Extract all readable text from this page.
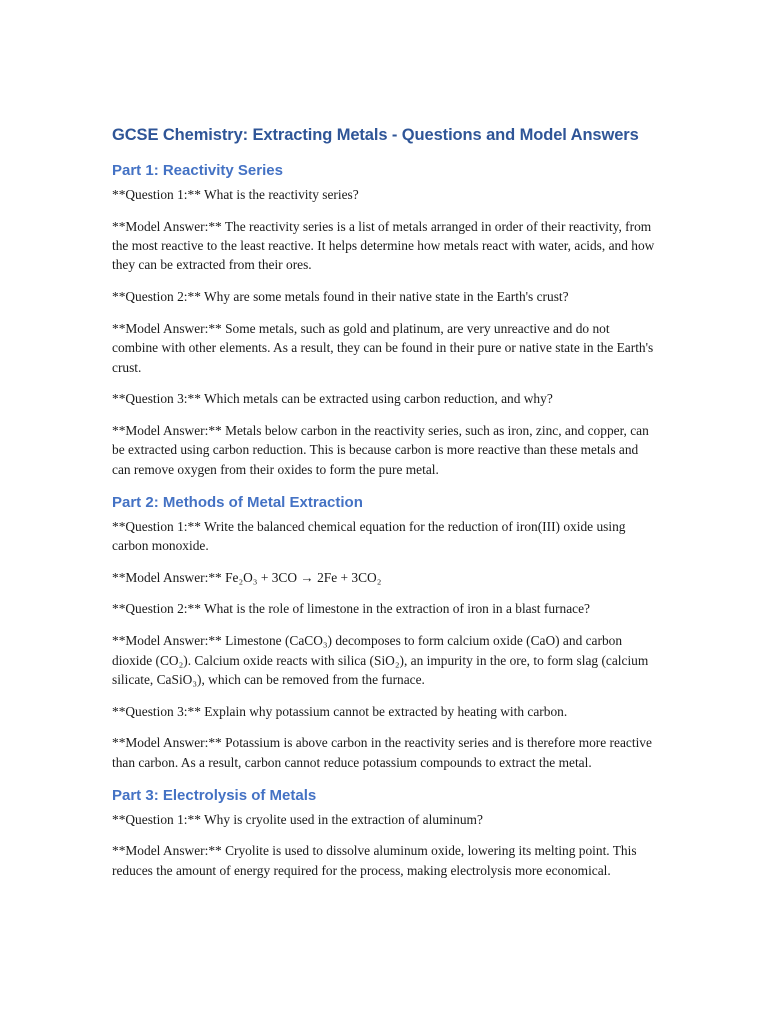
GCSE Chemistry: Extracting Metals - Questions and Model Answers
Part 1: Reactivity Series

**Question 1:** What is the reactivity series?

**Model Answer:** The reactivity series is a list of metals arranged in order of their reactivity, from the most reactive to the least reactive. It helps determine how metals react with water, acids, and how they can be extracted from their ores.

**Question 2:** Why are some metals found in their native state in the Earth's crust?

**Model Answer:** Some metals, such as gold and platinum, are very unreactive and do not combine with other elements. As a result, they can be found in their pure or native state in the Earth's crust.

**Question 3:** Which metals can be extracted using carbon reduction, and why?

**Model Answer:** Metals below carbon in the reactivity series, such as iron, zinc, and copper, can be extracted using carbon reduction. This is because carbon is more reactive than these metals and can remove oxygen from their oxides to form the pure metal.

Part 2: Methods of Metal Extraction

**Question 1:** Write the balanced chemical equation for the reduction of iron(III) oxide using carbon monoxide.

**Model Answer:** Fe₂O₃ + 3CO → 2Fe + 3CO₂

**Question 2:** What is the role of limestone in the extraction of iron in a blast furnace?

**Model Answer:** Limestone (CaCO₃) decomposes to form calcium oxide (CaO) and carbon dioxide (CO₂). Calcium oxide reacts with silica (SiO₂), an impurity in the ore, to form slag (calcium silicate, CaSiO₃), which can be removed from the furnace.

**Question 3:** Explain why potassium cannot be extracted by heating with carbon.

**Model Answer:** Potassium is above carbon in the reactivity series and is therefore more reactive than carbon. As a result, carbon cannot reduce potassium compounds to extract the metal.

Part 3: Electrolysis of Metals

**Question 1:** Why is cryolite used in the extraction of aluminum?

**Model Answer:** Cryolite is used to dissolve aluminum oxide, lowering its melting point. This reduces the amount of energy required for the process, making electrolysis more economical.
